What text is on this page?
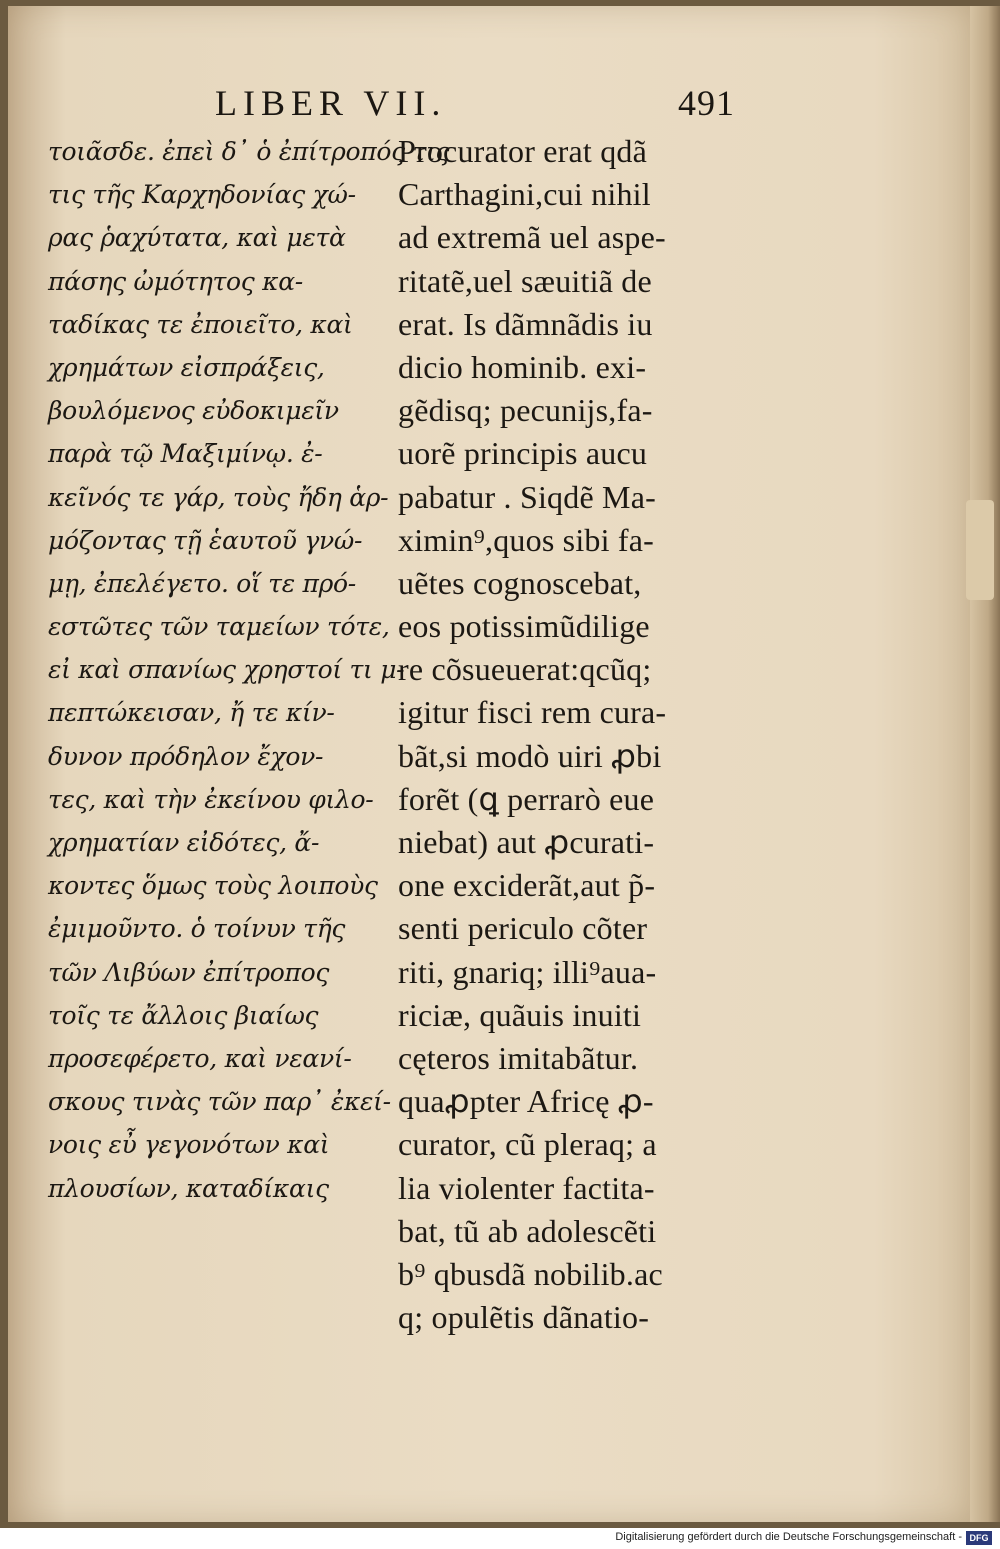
LIBER VII.	491
τοιᾶσδε. ἐπεὶ δ᾽ ὁ ἐπίτροπός τις
τις τῆς Καρχηδονίας χώ-
ρας ῥαχύτατα, καὶ μετὰ
πάσης ὠμότητος κα-
ταδίκας τε ἐποιεῖτο, καὶ
χρημάτων εἰσπράξεις,
βουλόμενος εὐδοκιμεῖν
παρὰ τῷ Μαξιμίνῳ. ἐ-
κεῖνός τε γάρ, τοὺς ἤδη ἁρ-
μόζοντας τῇ ἑαυτοῦ γνώ-
μῃ, ἐπελέγετο. οἵ τε πρό-
εστῶτες τῶν ταμείων τότε,
εἰ καὶ σπανίως χρηστοί τι μ-
πεπτώκεισαν, ἤ τε κίν-
δυνον πρόδηλον ἔχον-
τες, καὶ τὴν ἐκείνου φιλο-
χρηματίαν εἰδότες, ἄ-
κοντες ὅμως τοὺς λοιποὺς
ἐμιμοῦντο. ὁ τοίνυν τῆς
τῶν Λιβύων ἐπίτροπος
τοῖς τε ἄλλοις βιαίως
προσεφέρετο, καὶ νεανί-
σκους τινὰς τῶν παρ᾽ ἐκεί-
νοις εὖ γεγονότων καὶ
πλουσίων, καταδίκαις
Procurator erat qdã
Carthagini,cui nihil
ad extremã uel aspe-
ritatẽ,uel sæuitiã de
erat. Is dãmnãdis iu
dicio hominib. exi-
gẽdisq; pecunijs,fa-
uorẽ principis aucu
pabatur . Siqdẽ Ma-
ximin⁹,quos sibi fa-
uẽtes cognoscebat,
eos potissimũdilige
re cõsueuerat:qcũq;
igitur fisci rem cura-
bãt,si modò uiri ꝓbi
forẽt (ꝗ perrarò eue
niebat) aut ꝓcurati-
one exciderãt,aut p̃-
senti periculo cõter
riti, gnariq; illi⁹aua-
riciæ, quãuis inuiti
cęteros imitabãtur.
quaꝓpter Africę ꝓ-
curator, cũ pleraq; a
lia violenter factita-
bat, tũ ab adolescẽti
b⁹ qbusdã nobilib.ac
q; opulẽtis dãnatio-
Digitalisierung gefördert durch die Deutsche Forschungsgemeinschaft - DFG
